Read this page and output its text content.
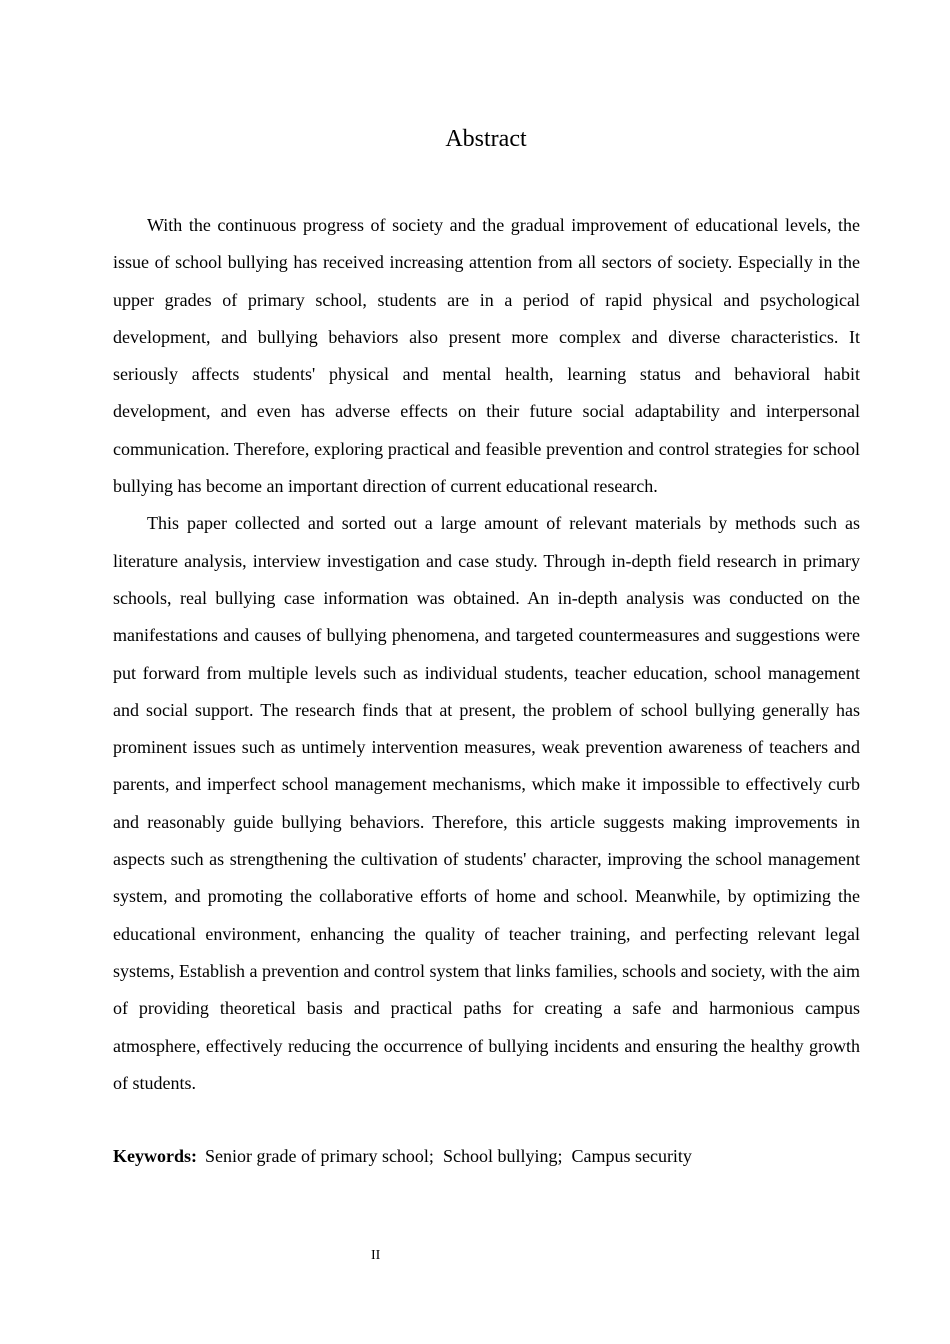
Abstract

With the continuous progress of society and the gradual improvement of educational levels, the issue of school bullying has received increasing attention from all sectors of society. Especially in the upper grades of primary school, students are in a period of rapid physical and psychological development, and bullying behaviors also present more complex and diverse characteristics. It seriously affects students' physical and mental health, learning status and behavioral habit development, and even has adverse effects on their future social adaptability and interpersonal communication. Therefore, exploring practical and feasible prevention and control strategies for school bullying has become an important direction of current educational research.

This paper collected and sorted out a large amount of relevant materials by methods such as literature analysis, interview investigation and case study. Through in-depth field research in primary schools, real bullying case information was obtained. An in-depth analysis was conducted on the manifestations and causes of bullying phenomena, and targeted countermeasures and suggestions were put forward from multiple levels such as individual students, teacher education, school management and social support. The research finds that at present, the problem of school bullying generally has prominent issues such as untimely intervention measures, weak prevention awareness of teachers and parents, and imperfect school management mechanisms, which make it impossible to effectively curb and reasonably guide bullying behaviors. Therefore, this article suggests making improvements in aspects such as strengthening the cultivation of students' character, improving the school management system, and promoting the collaborative efforts of home and school. Meanwhile, by optimizing the educational environment, enhancing the quality of teacher training, and perfecting relevant legal systems, Establish a prevention and control system that links families, schools and society, with the aim of providing theoretical basis and practical paths for creating a safe and harmonious campus atmosphere, effectively reducing the occurrence of bullying incidents and ensuring the healthy growth of students.

Keywords: Senior grade of primary school; School bullying; Campus security
II
